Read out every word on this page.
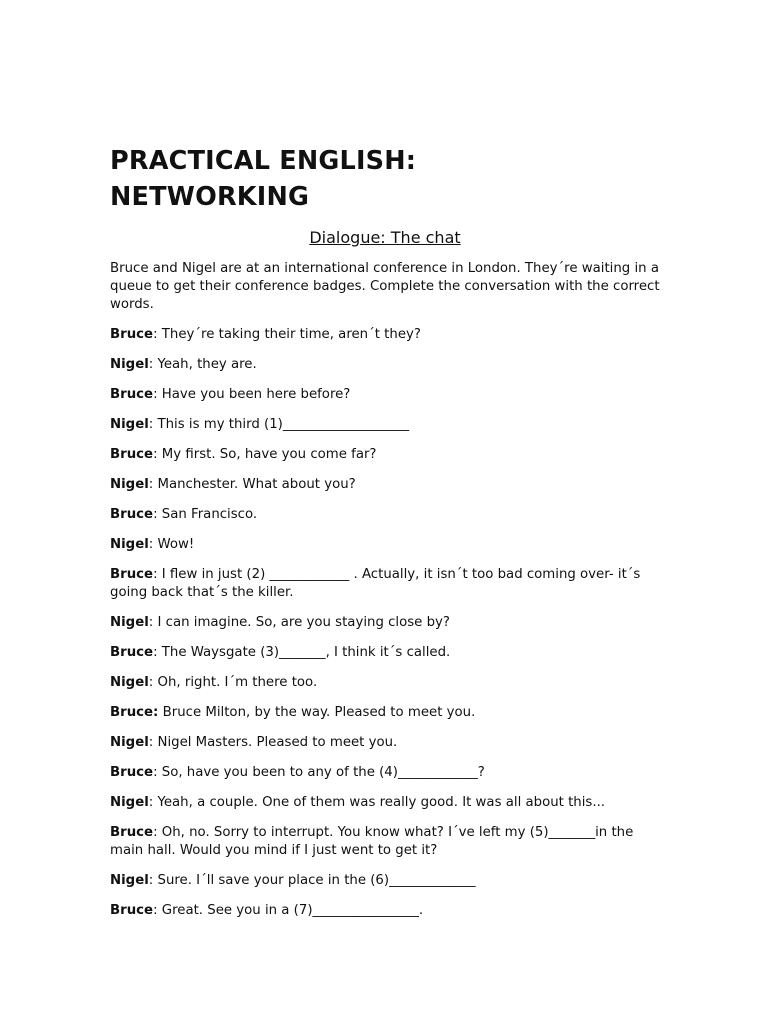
PRACTICAL ENGLISH:
NETWORKING
Dialogue: The chat

Bruce and Nigel are at an international conference in London. They´re waiting in a queue to get their conference badges. Complete the conversation with the correct words.

Bruce: They´re taking their time, aren´t they?

Nigel: Yeah, they are.

Bruce: Have you been here before?

Nigel: This is my third (1)___________________

Bruce: My first. So, have you come far?

Nigel: Manchester. What about you?

Bruce: San Francisco.

Nigel: Wow!

Bruce: I flew in just (2) ____________ . Actually, it isn´t too bad coming over- it´s going back that´s the killer.

Nigel: I can imagine. So, are you staying close by?

Bruce: The Waysgate (3)_______, I think it´s called.

Nigel: Oh, right. I´m there too.

Bruce: Bruce Milton, by the way. Pleased to meet you.

Nigel: Nigel Masters. Pleased to meet you.

Bruce: So, have you been to any of the (4)____________?

Nigel: Yeah, a couple. One of them was really good. It was all about this...

Bruce: Oh, no. Sorry to interrupt. You know what? I´ve left my (5)_______in the main hall. Would you mind if I just went to get it?

Nigel: Sure. I´ll save your place in the (6)_____________

Bruce: Great. See you in a (7)________________.
